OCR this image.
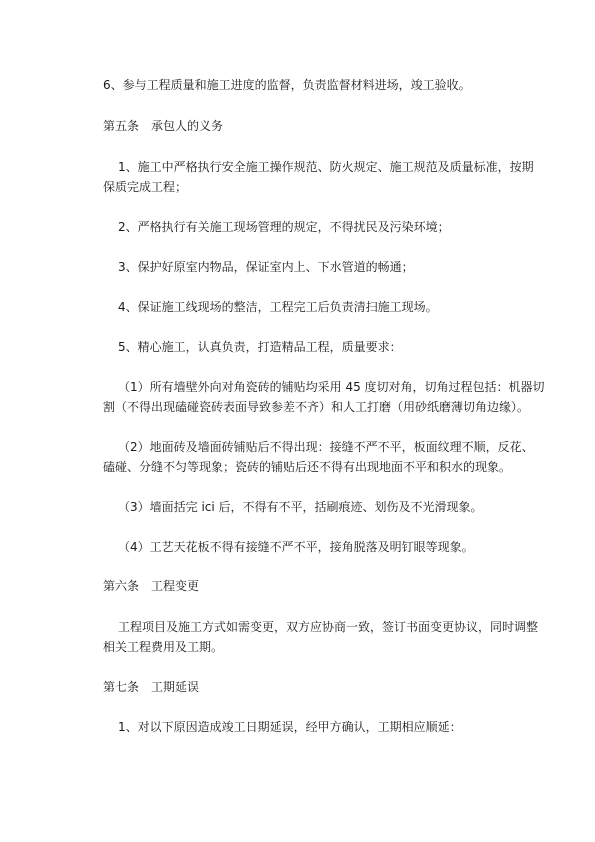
6、参与工程质量和施工进度的监督，负责监督材料进场，竣工验收。

第五条 承包人的义务

1、施工中严格执行安全施工操作规范、防火规定、施工规范及质量标准，按期
保质完成工程；

2、严格执行有关施工现场管理的规定，不得扰民及污染环境；

3、保护好原室内物品，保证室内上、下水管道的畅通；

4、保证施工线现场的整洁，工程完工后负责清扫施工现场。

5、精心施工，认真负责，打造精品工程，质量要求：

（1）所有墙壁外向对角瓷砖的铺贴均采用 45 度切对角，切角过程包括：机器切
割（不得出现磕碰瓷砖表面导致参差不齐）和人工打磨（用砂纸磨薄切角边缘）。

（2）地面砖及墙面砖铺贴后不得出现：接缝不严不平，板面纹理不顺，反花、
磕碰、分缝不匀等现象；瓷砖的铺贴后还不得有出现地面不平和积水的现象。

（3）墙面括完 ici 后，不得有不平，括刷痕迹、划伤及不光滑现象。

（4）工艺天花板不得有接缝不严不平，接角脱落及明钉眼等现象。

第六条 工程变更

工程项目及施工方式如需变更，双方应协商一致，签订书面变更协议，同时调整
相关工程费用及工期。

第七条 工期延误

1、对以下原因造成竣工日期延误，经甲方确认，工期相应顺延：
